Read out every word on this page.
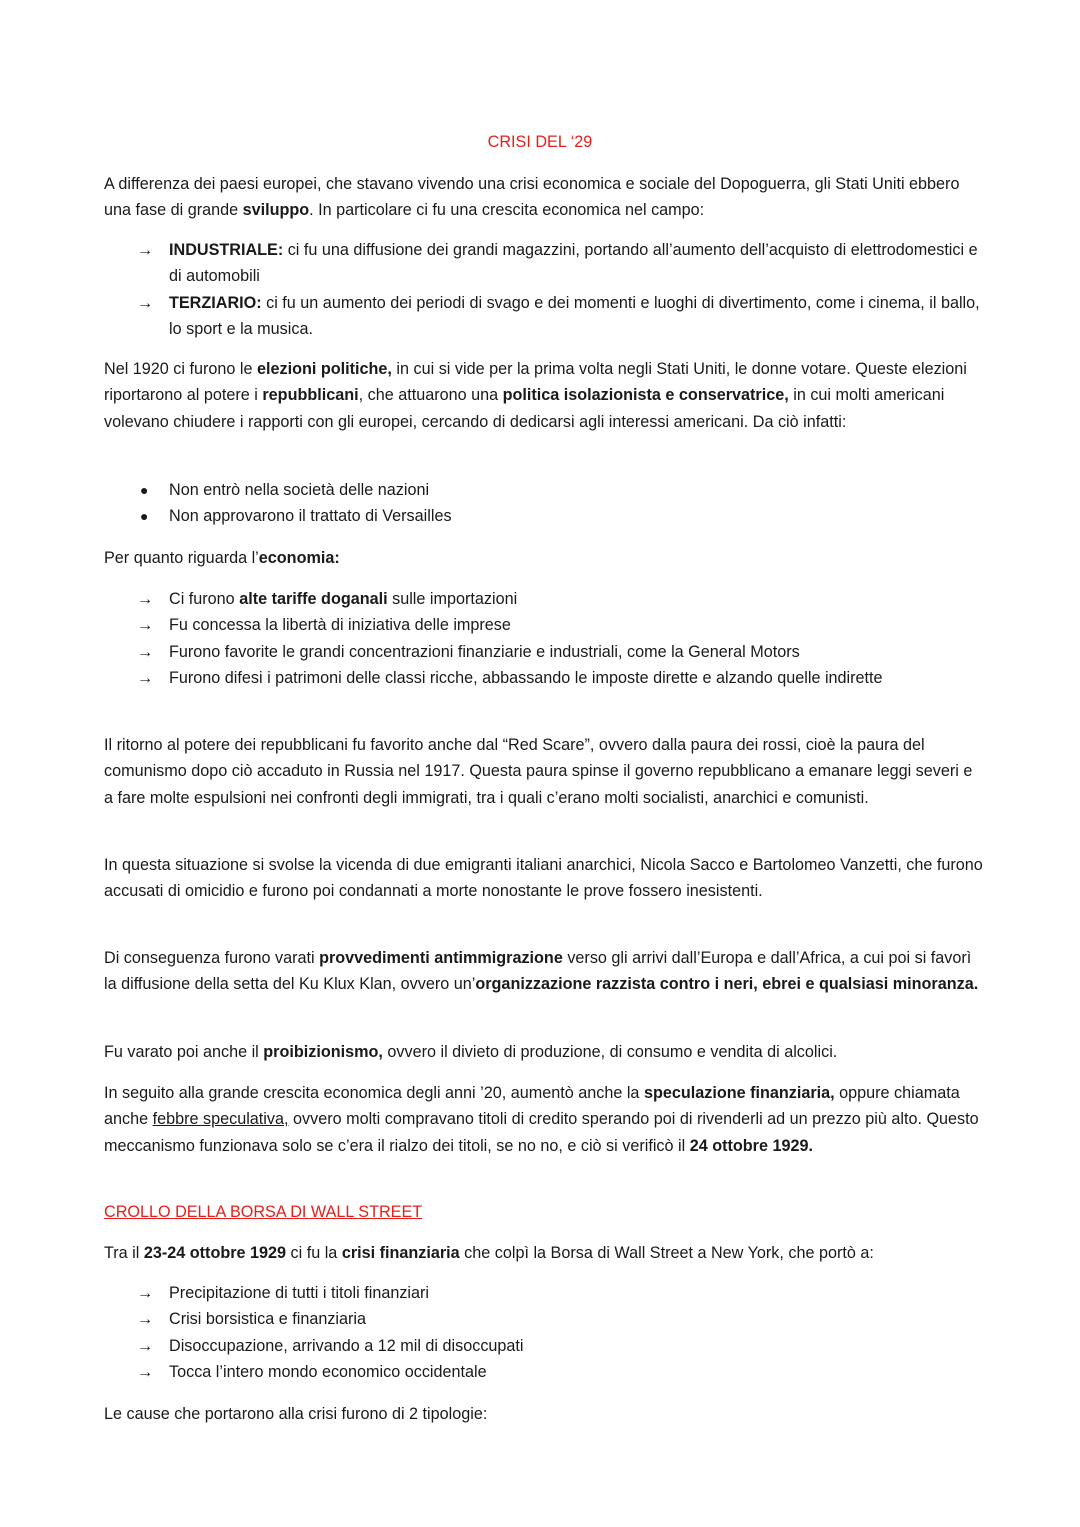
CRISI DEL ‘29

A differenza dei paesi europei, che stavano vivendo una crisi economica e sociale del Dopoguerra, gli Stati Uniti ebbero una fase di grande sviluppo. In particolare ci fu una crescita economica nel campo:

→ INDUSTRIALE: ci fu una diffusione dei grandi magazzini, portando all’aumento dell’acquisto di elettrodomestici e di automobili
→ TERZIARIO: ci fu un aumento dei periodi di svago e dei momenti e luoghi di divertimento, come i cinema, il ballo, lo sport e la musica.

Nel 1920 ci furono le elezioni politiche, in cui si vide per la prima volta negli Stati Uniti, le donne votare. Queste elezioni riportarono al potere i repubblicani, che attuarono una politica isolazionista e conservatrice, in cui molti americani volevano chiudere i rapporti con gli europei, cercando di dedicarsi agli interessi americani. Da ciò infatti:

● Non entrò nella società delle nazioni
● Non approvarono il trattato di Versailles

Per quanto riguarda l’economia:

→ Ci furono alte tariffe doganali sulle importazioni
→ Fu concessa la libertà di iniziativa delle imprese
→ Furono favorite le grandi concentrazioni finanziarie e industriali, come la General Motors
→ Furono difesi i patrimoni delle classi ricche, abbassando le imposte dirette e alzando quelle indirette

Il ritorno al potere dei repubblicani fu favorito anche dal “Red Scare”, ovvero dalla paura dei rossi, cioè la paura del comunismo dopo ciò accaduto in Russia nel 1917. Questa paura spinse il governo repubblicano a emanare leggi severi e a fare molte espulsioni nei confronti degli immigrati, tra i quali c’erano molti socialisti, anarchici e comunisti.

In questa situazione si svolse la vicenda di due emigranti italiani anarchici, Nicola Sacco e Bartolomeo Vanzetti, che furono accusati di omicidio e furono poi condannati a morte nonostante le prove fossero inesistenti.

Di conseguenza furono varati provvedimenti antimmigrazione verso gli arrivi dall’Europa e dall’Africa, a cui poi si favorì la diffusione della setta del Ku Klux Klan, ovvero un’organizzazione razzista contro i neri, ebrei e qualsiasi minoranza.

Fu varato poi anche il proibizionismo, ovvero il divieto di produzione, di consumo e vendita di alcolici.

In seguito alla grande crescita economica degli anni ’20, aumentò anche la speculazione finanziaria, oppure chiamata anche febbre speculativa, ovvero molti compravano titoli di credito sperando poi di rivenderli ad un prezzo più alto. Questo meccanismo funzionava solo se c’era il rialzo dei titoli, se no no, e ciò si verificò il 24 ottobre 1929.

CROLLO DELLA BORSA DI WALL STREET

Tra il 23-24 ottobre 1929 ci fu la crisi finanziaria che colpì la Borsa di Wall Street a New York, che portò a:

→ Precipitazione di tutti i titoli finanziari
→ Crisi borsistica e finanziaria
→ Disoccupazione, arrivando a 12 mil di disoccupati
→ Tocca l’intero mondo economico occidentale

Le cause che portarono alla crisi furono di 2 tipologie:
